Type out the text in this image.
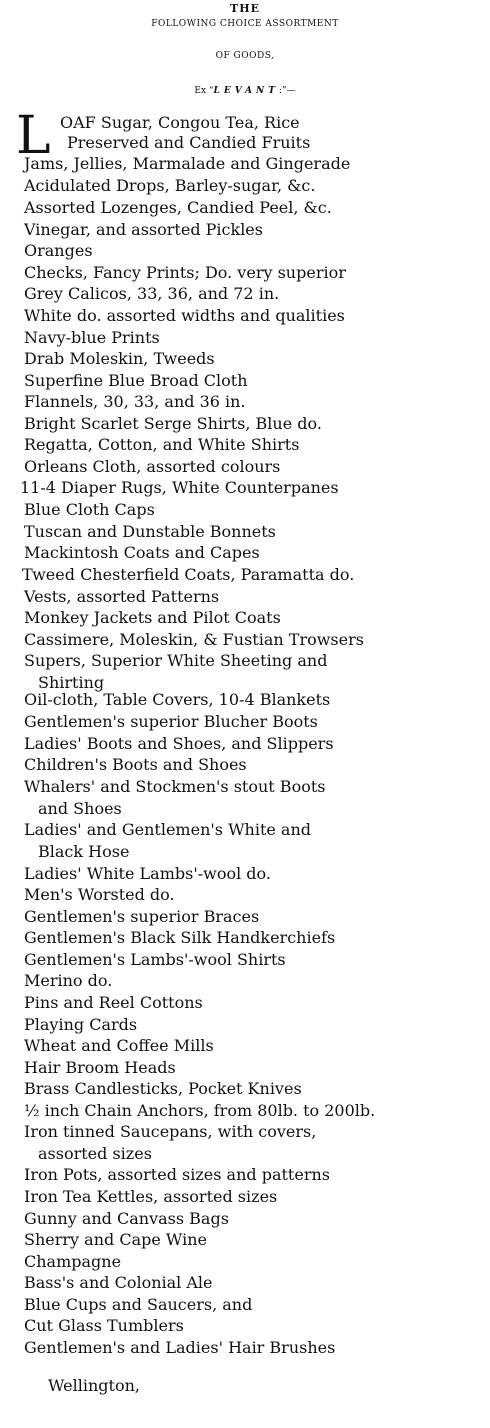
THE
FOLLOWING CHOICE ASSORTMENT
OF GOODS,
Ex “LEVANT:”—
L OAF Sugar, Congou Tea, Rice
Preserved and Candied Fruits
Jams, Jellies, Marmalade and Gingerade
Acidulated Drops, Barley-sugar, &c.
Assorted Lozenges, Candied Peel, &c.
Vinegar, and assorted Pickles
Oranges
Checks, Fancy Prints; Do. very superior
Grey Calicos, 33, 36, and 72 in.
White do. assorted widths and qualities
Navy-blue Prints
Drab Moleskin, Tweeds
Superfine Blue Broad Cloth
Flannels, 30, 33, and 36 in.
Bright Scarlet Serge Shirts, Blue do.
Regatta, Cotton, and White Shirts
Orleans Cloth, assorted colours
11-4 Diaper Rugs, White Counterpanes
Blue Cloth Caps
Tuscan and Dunstable Bonnets
Mackintosh Coats and Capes
Tweed Chesterfield Coats, Paramatta do.
Vests, assorted Patterns
Monkey Jackets and Pilot Coats
Cassimere, Moleskin, & Fustian Trowsers
Supers, Superior White Sheeting and
Shirting
Oil-cloth, Table Covers, 10-4 Blankets
Gentlemen's superior Blucher Boots
Ladies' Boots and Shoes, and Slippers
Children's Boots and Shoes
Whalers' and Stockmen's stout Boots
and Shoes
Ladies' and Gentlemen's White and
Black Hose
Ladies' White Lambs'-wool do.
Men's Worsted do.
Gentlemen's superior Braces
Gentlemen's Black Silk Handkerchiefs
Gentlemen's Lambs'-wool Shirts
Merino do.
Pins and Reel Cottons
Playing Cards
Wheat and Coffee Mills
Hair Broom Heads
Brass Candlesticks, Pocket Knives
½ inch Chain Anchors, from 80lb. to 200lb.
Iron tinned Saucepans, with covers,
assorted sizes
Iron Pots, assorted sizes and patterns
Iron Tea Kettles, assorted sizes
Gunny and Canvass Bags
Sherry and Cape Wine
Champagne
Bass's and Colonial Ale
Blue Cups and Saucers, and
Cut Glass Tumblers
Gentlemen's and Ladies' Hair Brushes
Wellington,
